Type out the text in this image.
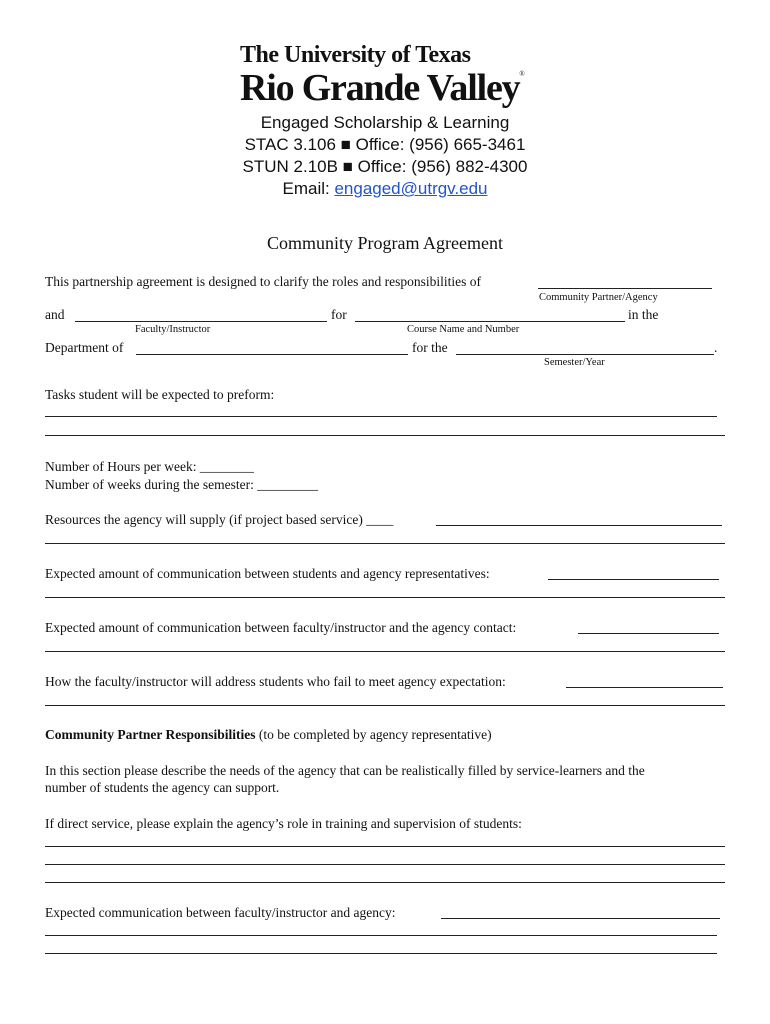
The University of Texas
Rio Grande Valley®
Engaged Scholarship & Learning
STAC 3.106 ■ Office: (956) 665-3461
STUN 2.10B ■ Office: (956) 882-4300
Email: engaged@utrgv.edu
Community Program Agreement
This partnership agreement is designed to clarify the roles and responsibilities of
Community Partner/Agency
and	for	in the
Faculty/Instructor	Course Name and Number
Department of	for the	.
Semester/Year
Tasks student will be expected to preform:
Number of Hours per week: ________
Number of weeks during the semester: _________
Resources the agency will supply (if project based service) ____
Expected amount of communication between students and agency representatives:
Expected amount of communication between faculty/instructor and the agency contact:
How the faculty/instructor will address students who fail to meet agency expectation:
Community Partner Responsibilities (to be completed by agency representative)
In this section please describe the needs of the agency that can be realistically filled by service-learners and the
number of students the agency can support.
If direct service, please explain the agency’s role in training and supervision of students:
Expected communication between faculty/instructor and agency:
